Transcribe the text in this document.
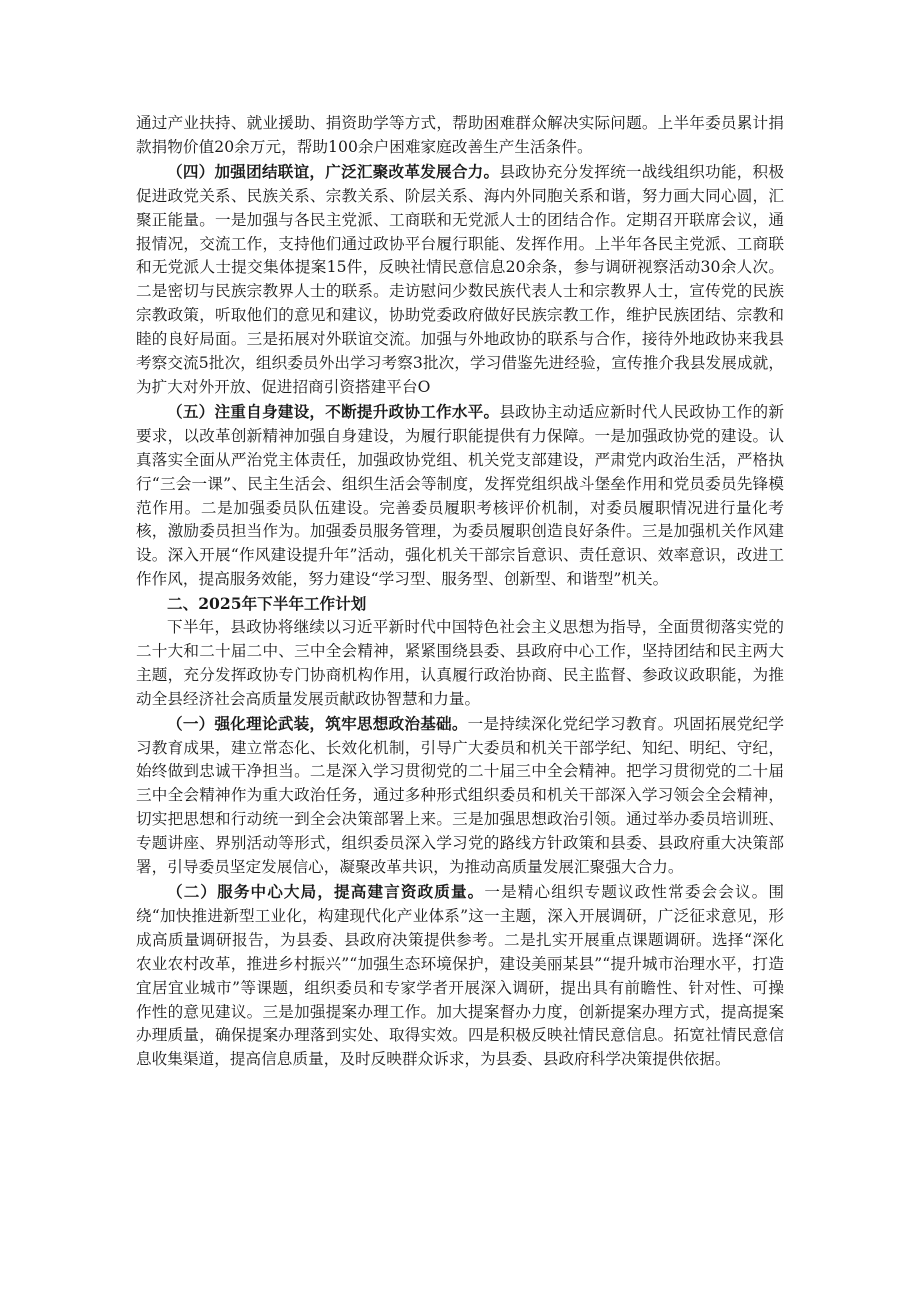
通过产业扶持、就业援助、捐资助学等方式，帮助困难群众解决实际问题。上半年委员累计捐款捐物价值20余万元，帮助100余户困难家庭改善生产生活条件。

（四）加强团结联谊，广泛汇聚改革发展合力。县政协充分发挥统一战线组织功能，积极促进政党关系、民族关系、宗教关系、阶层关系、海内外同胞关系和谐，努力画大同心圆，汇聚正能量。一是加强与各民主党派、工商联和无党派人士的团结合作。定期召开联席会议，通报情况，交流工作，支持他们通过政协平台履行职能、发挥作用。上半年各民主党派、工商联和无党派人士提交集体提案15件，反映社情民意信息20余条，参与调研视察活动30余人次。二是密切与民族宗教界人士的联系。走访慰问少数民族代表人士和宗教界人士，宣传党的民族宗教政策，听取他们的意见和建议，协助党委政府做好民族宗教工作，维护民族团结、宗教和睦的良好局面。三是拓展对外联谊交流。加强与外地政协的联系与合作，接待外地政协来我县考察交流5批次，组织委员外出学习考察3批次，学习借鉴先进经验，宣传推介我县发展成就，为扩大对外开放、促进招商引资搭建平台O

（五）注重自身建设，不断提升政协工作水平。县政协主动适应新时代人民政协工作的新要求，以改革创新精神加强自身建设，为履行职能提供有力保障。一是加强政协党的建设。认真落实全面从严治党主体责任，加强政协党组、机关党支部建设，严肃党内政治生活，严格执行“三会一课”、民主生活会、组织生活会等制度，发挥党组织战斗堡垒作用和党员委员先锋模范作用。二是加强委员队伍建设。完善委员履职考核评价机制，对委员履职情况进行量化考核，激励委员担当作为。加强委员服务管理，为委员履职创造良好条件。三是加强机关作风建设。深入开展“作风建设提升年”活动，强化机关干部宗旨意识、责任意识、效率意识，改进工作作风，提高服务效能，努力建设“学习型、服务型、创新型、和谐型”机关。

二、2025年下半年工作计划

下半年，县政协将继续以习近平新时代中国特色社会主义思想为指导，全面贯彻落实党的二十大和二十届二中、三中全会精神，紧紧围绕县委、县政府中心工作，坚持团结和民主两大主题，充分发挥政协专门协商机构作用，认真履行政治协商、民主监督、参政议政职能，为推动全县经济社会高质量发展贡献政协智慧和力量。

（一）强化理论武装，筑牢思想政治基础。一是持续深化党纪学习教育。巩固拓展党纪学习教育成果，建立常态化、长效化机制，引导广大委员和机关干部学纪、知纪、明纪、守纪，始终做到忠诚干净担当。二是深入学习贯彻党的二十届三中全会精神。把学习贯彻党的二十届三中全会精神作为重大政治任务，通过多种形式组织委员和机关干部深入学习领会全会精神，切实把思想和行动统一到全会决策部署上来。三是加强思想政治引领。通过举办委员培训班、专题讲座、界别活动等形式，组织委员深入学习党的路线方针政策和县委、县政府重大决策部署，引导委员坚定发展信心，凝聚改革共识，为推动高质量发展汇聚强大合力。

（二）服务中心大局，提高建言资政质量。一是精心组织专题议政性常委会会议。围绕“加快推进新型工业化，构建现代化产业体系”这一主题，深入开展调研，广泛征求意见，形成高质量调研报告，为县委、县政府决策提供参考。二是扎实开展重点课题调研。选择“深化农业农村改革，推进乡村振兴”“加强生态环境保护，建设美丽某县”“提升城市治理水平，打造宜居宜业城市”等课题，组织委员和专家学者开展深入调研，提出具有前瞻性、针对性、可操作性的意见建议。三是加强提案办理工作。加大提案督办力度，创新提案办理方式，提高提案办理质量，确保提案办理落到实处、取得实效。四是积极反映社情民意信息。拓宽社情民意信息收集渠道，提高信息质量，及时反映群众诉求，为县委、县政府科学决策提供依据。
